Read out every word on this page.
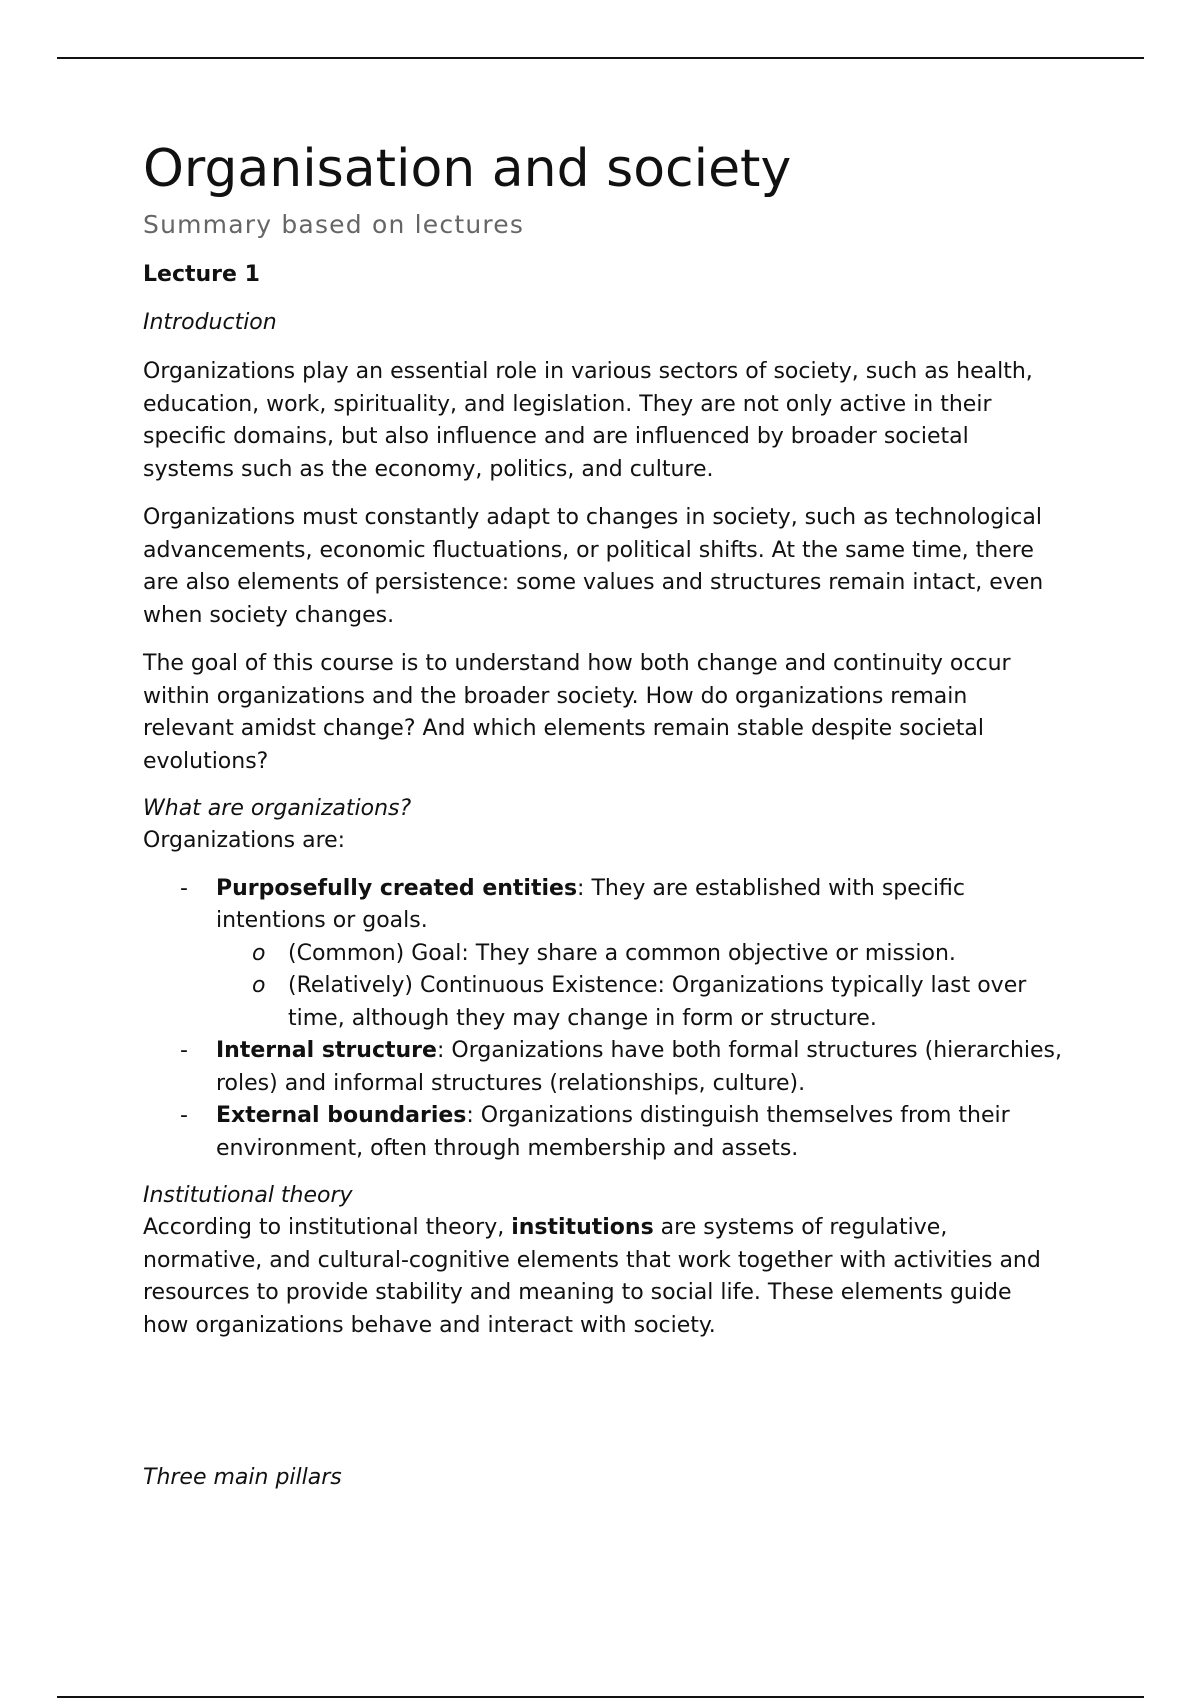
Organisation and society
Summary based on lectures
Lecture 1
Introduction

Organizations play an essential role in various sectors of society, such as health, education, work, spirituality, and legislation. They are not only active in their specific domains, but also influence and are influenced by broader societal systems such as the economy, politics, and culture.

Organizations must constantly adapt to changes in society, such as technological advancements, economic fluctuations, or political shifts. At the same time, there are also elements of persistence: some values and structures remain intact, even when society changes.

The goal of this course is to understand how both change and continuity occur within organizations and the broader society. How do organizations remain relevant amidst change? And which elements remain stable despite societal evolutions?

What are organizations?

Organizations are:

- Purposefully created entities: They are established with specific intentions or goals.
o (Common) Goal: They share a common objective or mission.
o (Relatively) Continuous Existence: Organizations typically last over time, although they may change in form or structure.
- Internal structure: Organizations have both formal structures (hierarchies, roles) and informal structures (relationships, culture).
- External boundaries: Organizations distinguish themselves from their environment, often through membership and assets.
Institutional theory

According to institutional theory, institutions are systems of regulative, normative, and cultural-cognitive elements that work together with activities and resources to provide stability and meaning to social life. These elements guide how organizations behave and interact with society.

Three main pillars
